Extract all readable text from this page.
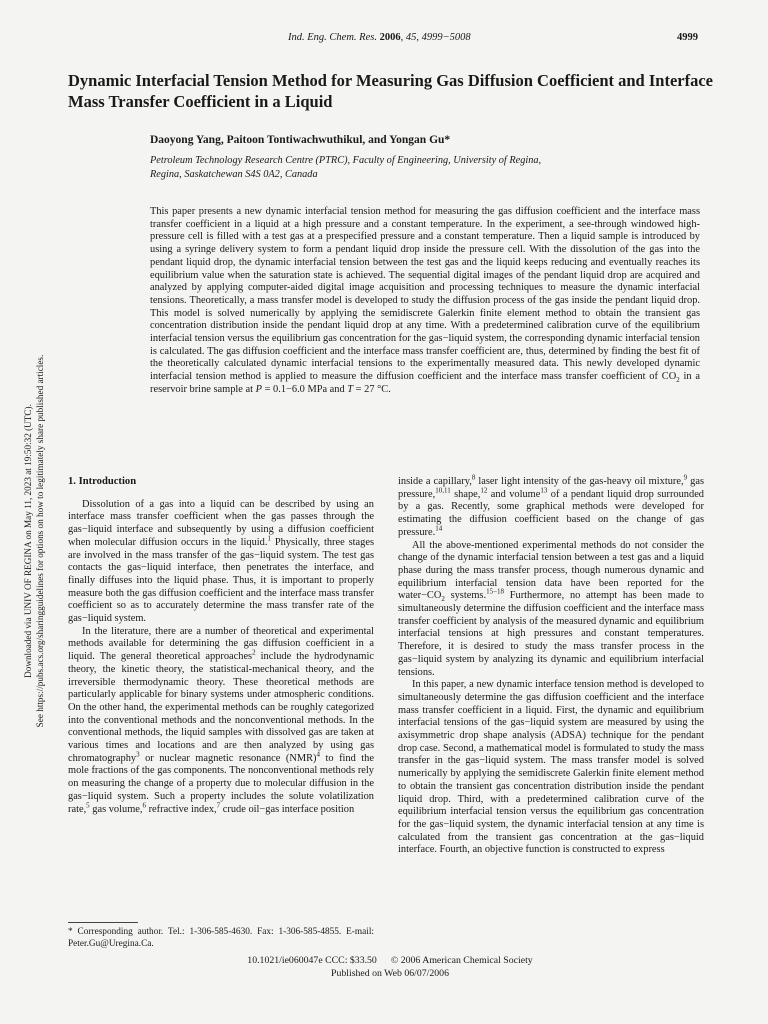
Ind. Eng. Chem. Res. 2006, 45, 4999−5008	4999
Dynamic Interfacial Tension Method for Measuring Gas Diffusion Coefficient and Interface Mass Transfer Coefficient in a Liquid

Daoyong Yang, Paitoon Tontiwachwuthikul, and Yongan Gu*

Petroleum Technology Research Centre (PTRC), Faculty of Engineering, University of Regina,
Regina, Saskatchewan S4S 0A2, Canada

This paper presents a new dynamic interfacial tension method for measuring the gas diffusion coefficient and the interface mass transfer coefficient in a liquid at a high pressure and a constant temperature. In the experiment, a see-through windowed high-pressure cell is filled with a test gas at a prespecified pressure and a constant temperature. Then a liquid sample is introduced by using a syringe delivery system to form a pendant liquid drop inside the pressure cell. With the dissolution of the gas into the pendant liquid drop, the dynamic interfacial tension between the test gas and the liquid keeps reducing and eventually reaches its equilibrium value when the saturation state is achieved. The sequential digital images of the pendant liquid drop are acquired and analyzed by applying computer-aided digital image acquisition and processing techniques to measure the dynamic interfacial tensions. Theoretically, a mass transfer model is developed to study the diffusion process of the gas inside the pendant liquid drop. This model is solved numerically by applying the semidiscrete Galerkin finite element method to obtain the transient gas concentration distribution inside the pendant liquid drop at any time. With a predetermined calibration curve of the equilibrium interfacial tension versus the equilibrium gas concentration for the gas−liquid system, the corresponding dynamic interfacial tension is calculated. The gas diffusion coefficient and the interface mass transfer coefficient are, thus, determined by finding the best fit of the theoretically calculated dynamic interfacial tensions to the experimentally measured data. This newly developed dynamic interfacial tension method is applied to measure the diffusion coefficient and the interface mass transfer coefficient of $CO_2$ in a reservoir brine sample at P = 0.1−6.0 MPa and T = 27 °C.

Downloaded via UNIV OF REGINA on May 11, 2023 at 19:50:32 (UTC). See https://pubs.acs.org/sharingguidelines for options on how to legitimately share published articles. 1. Introduction

Dissolution of a gas into a liquid can be described by using an interface mass transfer coefficient when the gas passes through the gas−liquid interface and subsequently by using a diffusion coefficient when molecular diffusion occurs in the liquid.$^1$ Physically, three stages are involved in the mass transfer of the gas−liquid system. The test gas contacts the gas−liquid interface, then penetrates the interface, and finally diffuses into the liquid phase. Thus, it is important to properly measure both the gas diffusion coefficient and the interface mass transfer coefficient so as to accurately determine the mass transfer rate of the gas−liquid system.

In the literature, there are a number of theoretical and experimental methods available for determining the gas diffusion coefficient in a liquid. The general theoretical approaches$^2$ include the hydrodynamic theory, the kinetic theory, the statistical-mechanical theory, and the irreversible thermodynamic theory. These theoretical methods are particularly applicable for binary systems under atmospheric conditions. On the other hand, the experimental methods can be roughly categorized into the conventional methods and the nonconventional methods. In the conventional methods, the liquid samples with dissolved gas are taken at various times and locations and are then analyzed by using gas chromatography$^3$ or nuclear magnetic resonance (NMR)$^4$ to find the mole fractions of the gas components. The nonconventional methods rely on measuring the change of a property due to molecular diffusion in the gas−liquid system. Such a property includes the solute volatilization rate,$^5$ gas volume,$^6$ refractive index,$^7$ crude oil−gas interface position

inside a capillary,$^8$ laser light intensity of the gas-heavy oil mixture,$^9$ gas pressure,$^{10,11}$ shape,$^{12}$ and volume$^{13}$ of a pendant liquid drop surrounded by a gas. Recently, some graphical methods were developed for estimating the diffusion coefficient based on the change of gas pressure.$^{14}$

All the above-mentioned experimental methods do not consider the change of the dynamic interfacial tension between a test gas and a liquid phase during the mass transfer process, though numerous dynamic and equilibrium interfacial tension data have been reported for the $water-CO_2$ systems.$^{15-18}$ Furthermore, no attempt has been made to simultaneously determine the diffusion coefficient and the interface mass transfer coefficient by analysis of the measured dynamic and equilibrium interfacial tensions at high pressures and constant temperatures. Therefore, it is desired to study the mass transfer process in the gas−liquid system by analyzing its dynamic and equilibrium interfacial tensions.

In this paper, a new dynamic interface tension method is developed to simultaneously determine the gas diffusion coefficient and the interface mass transfer coefficient in a liquid. First, the dynamic and equilibrium interfacial tensions of the gas−liquid system are measured by using the axisymmetric drop shape analysis (ADSA) technique for the pendant drop case. Second, a mathematical model is formulated to study the mass transfer in the gas−liquid system. The mass transfer model is solved numerically by applying the semidiscrete Galerkin finite element method to obtain the transient gas concentration distribution inside the pendant liquid drop. Third, with a predetermined calibration curve of the equilibrium interfacial tension versus the equilibrium gas concentration for the gas−liquid system, the dynamic interfacial tension at any time is calculated from the transient gas concentration at the gas−liquid interface. Fourth, an objective function is constructed to express

* Corresponding author. Tel.: 1-306-585-4630. Fax: 1-306-585-4855. E-mail: Peter.Gu@Uregina.Ca.
10.1021/ie060047e CCC: $33.50 © 2006 American Chemical Society
Published on Web 06/07/2006
